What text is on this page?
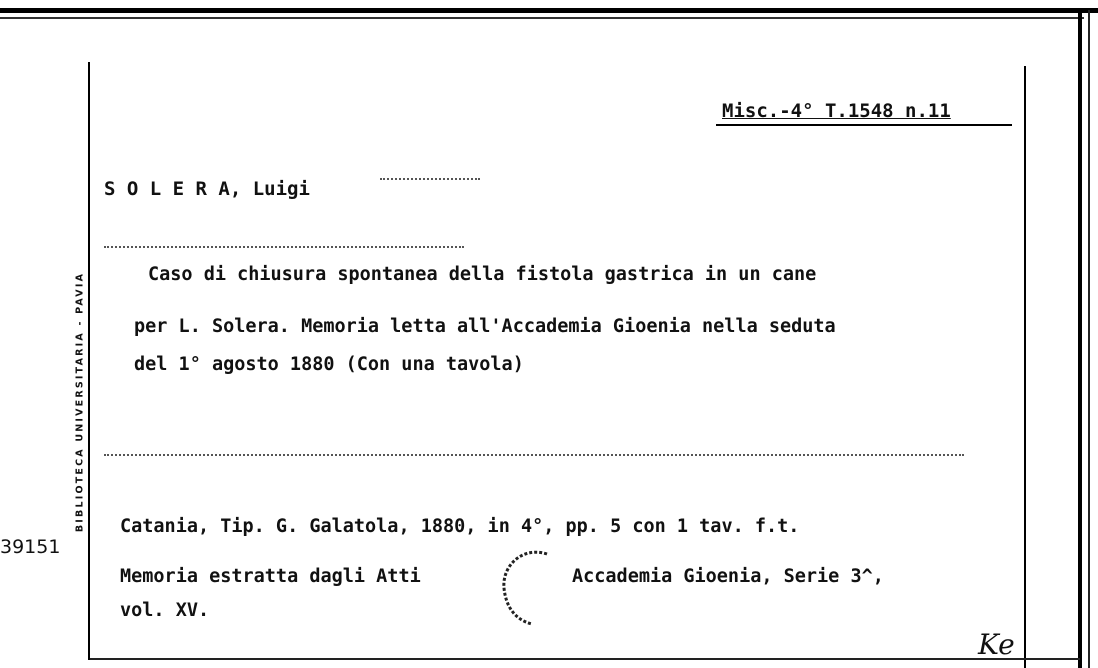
Misc.-4° T.1548 n.11
S O L E R A, Luigi
Caso di chiusura spontanea della fistola gastrica in un cane
per L. Solera. Memoria letta all'Accademia Gioenia nella seduta
del 1° agosto 1880 (Con una tavola)
Catania, Tip. G. Galatola, 1880, in 4°, pp. 5 con 1 tav. f.t.
Memoria estratta dagli Atti	Accademia Gioenia, Serie 3^,
vol. XV.
BIBLIOTECA UNIVERSITARIA - PAVIA
39151
Ke
